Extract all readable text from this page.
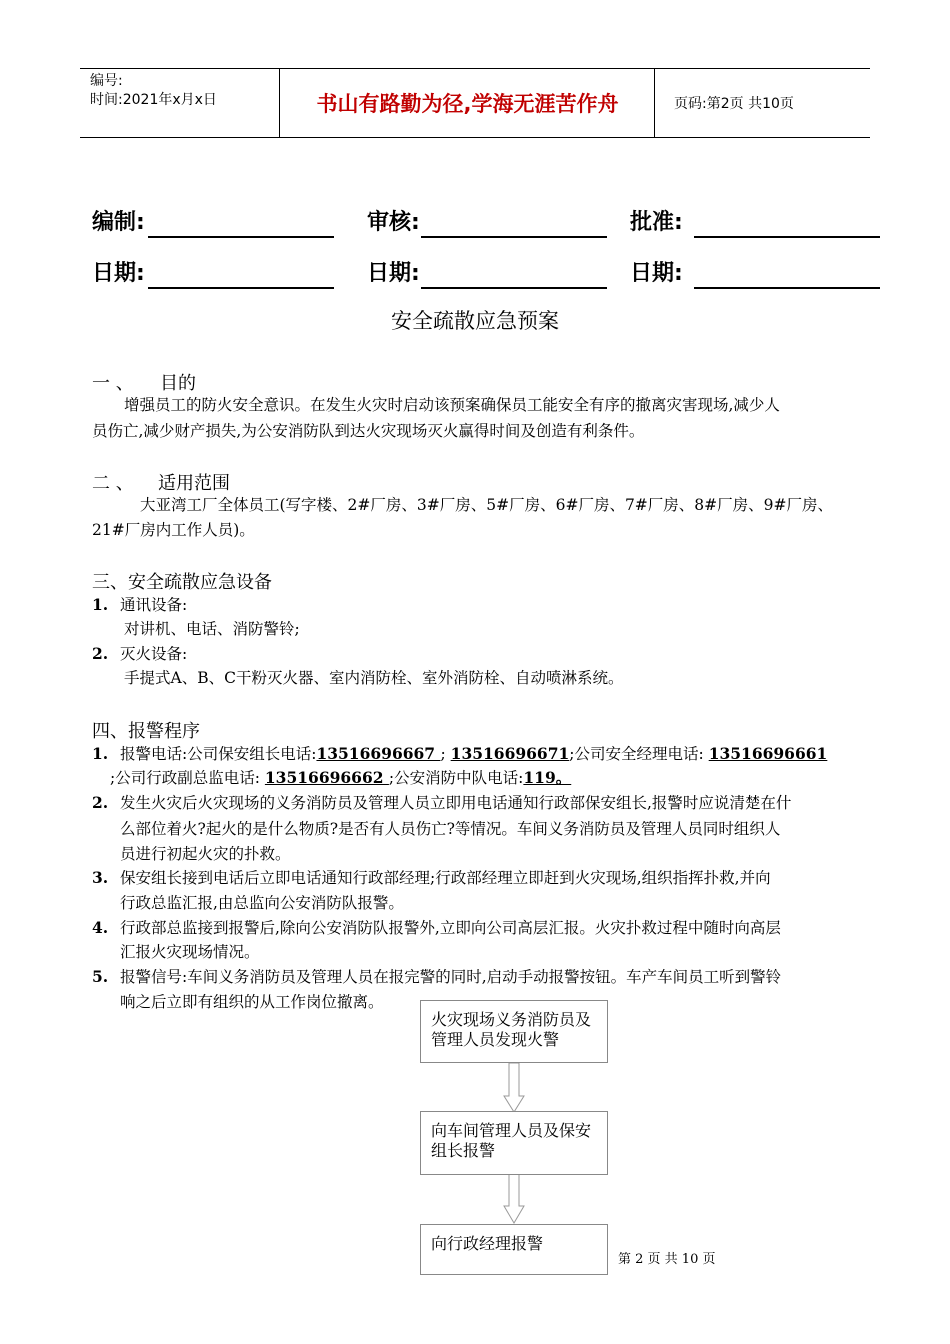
编号:
时间:2021年x月x日	书山有路勤为径,学海无涯苦作舟	页码:第2页 共10页
编制:	审核:	批准:
日期:	日期:	日期:
安全疏散应急预案
一 、 目的
增强员工的防火安全意识。在发生火灾时启动该预案确保员工能安全有序的撤离灾害现场,减少人
员伤亡,减少财产损失,为公安消防队到达火灾现场灭火赢得时间及创造有利条件。
二 、 适用范围
大亚湾工厂全体员工(写字楼、2#厂房、3#厂房、5#厂房、6#厂房、7#厂房、8#厂房、9#厂房、
21#厂房内工作人员)。
三、安全疏散应急设备
1. 通讯设备:
对讲机、电话、消防警铃;
2. 灭火设备:
手提式A、B、C干粉灭火器、室内消防栓、室外消防栓、自动喷淋系统。
四、报警程序
1. 报警电话:公司保安组长电话:13516696667 ; 13516696671;公司安全经理电话: 13516696661
;公司行政副总监电话: 13516696662 ;公安消防中队电话:119。
2. 发生火灾后火灾现场的义务消防员及管理人员立即用电话通知行政部保安组长,报警时应说清楚在什
么部位着火?起火的是什么物质?是否有人员伤亡?等情况。车间义务消防员及管理人员同时组织人
员进行初起火灾的扑救。
3. 保安组长接到电话后立即电话通知行政部经理;行政部经理立即赶到火灾现场,组织指挥扑救,并向
行政总监汇报,由总监向公安消防队报警。
4. 行政部总监接到报警后,除向公安消防队报警外,立即向公司高层汇报。火灾扑救过程中随时向高层
汇报火灾现场情况。
5. 报警信号:车间义务消防员及管理人员在报完警的同时,启动手动报警按钮。车产车间员工听到警铃
响之后立即有组织的从工作岗位撤离。
火灾现场义务消防员及管理人员发现火警
向车间管理人员及保安组长报警
向行政经理报警
第 2 页 共 10 页
